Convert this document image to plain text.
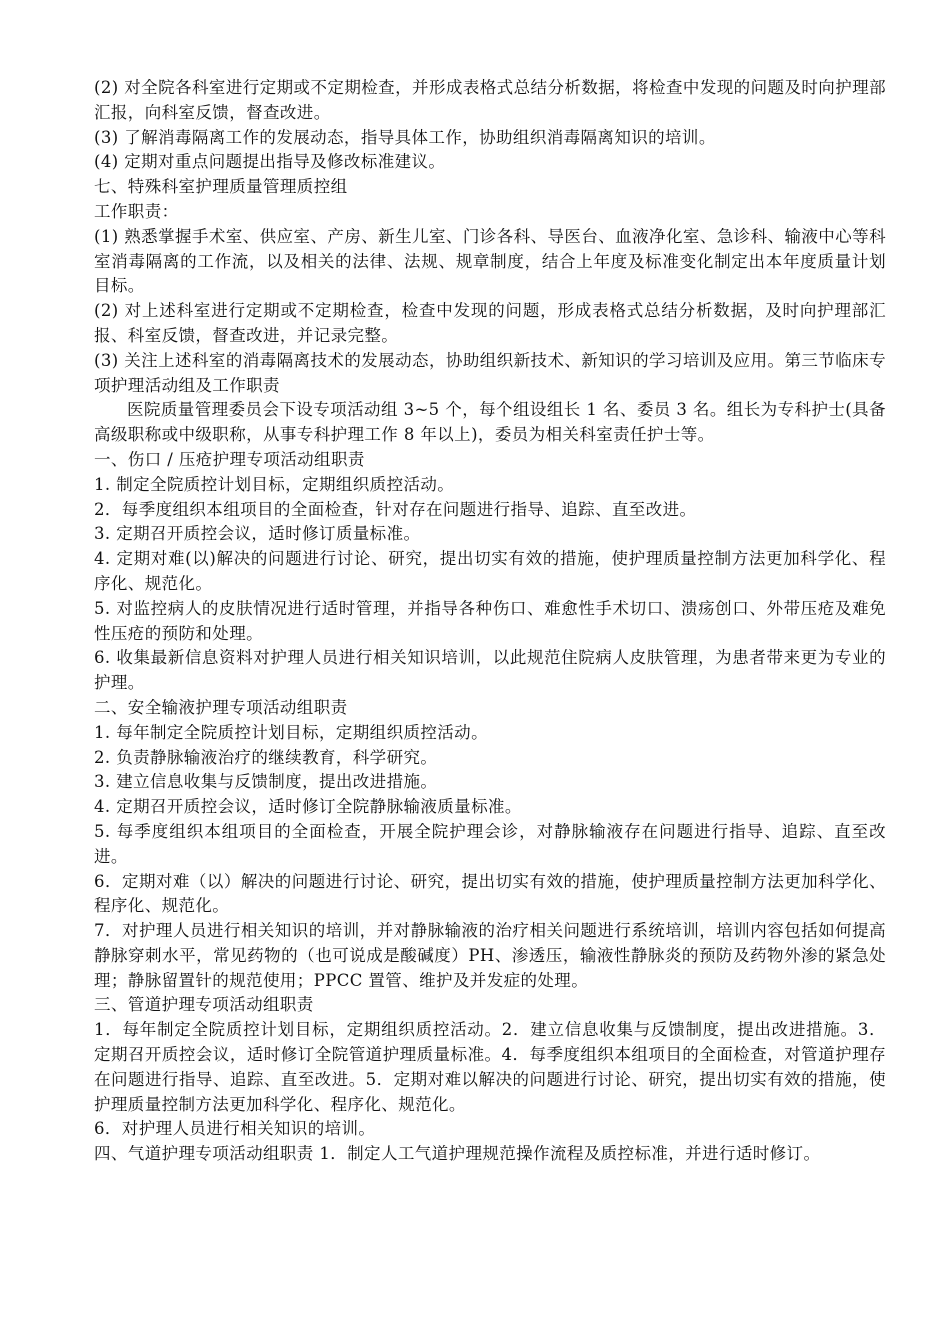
(2) 对全院各科室进行定期或不定期检查，并形成表格式总结分析数据，将检查中发现的问题及时向护理部汇报，向科室反馈，督查改进。

(3) 了解消毒隔离工作的发展动态，指导具体工作，协助组织消毒隔离知识的培训。

(4) 定期对重点问题提出指导及修改标准建议。

七、特殊科室护理质量管理质控组

工作职责：

(1) 熟悉掌握手术室、供应室、产房、新生儿室、门诊各科、导医台、血液净化室、急诊科、输液中心等科室消毒隔离的工作流，以及相关的法律、法规、规章制度，结合上年度及标准变化制定出本年度质量计划目标。

(2) 对上述科室进行定期或不定期检查，检查中发现的问题，形成表格式总结分析数据，及时向护理部汇报、科室反馈，督查改进，并记录完整。

(3) 关注上述科室的消毒隔离技术的发展动态，协助组织新技术、新知识的学习培训及应用。第三节临床专项护理活动组及工作职责

医院质量管理委员会下设专项活动组 3~5 个，每个组设组长 1 名、委员 3 名。组长为专科护士(具备高级职称或中级职称，从事专科护理工作 8 年以上)，委员为相关科室责任护士等。

一、伤口 / 压疮护理专项活动组职责

1. 制定全院质控计划目标，定期组织质控活动。

2．每季度组织本组项目的全面检查，针对存在问题进行指导、追踪、直至改进。

3. 定期召开质控会议，适时修订质量标准。

4. 定期对难(以)解决的问题进行讨论、研究，提出切实有效的措施，使护理质量控制方法更加科学化、程序化、规范化。

5. 对监控病人的皮肤情况进行适时管理，并指导各种伤口、难愈性手术切口、溃疡创口、外带压疮及难免性压疮的预防和处理。

6. 收集最新信息资料对护理人员进行相关知识培训，以此规范住院病人皮肤管理，为患者带来更为专业的护理。

二、安全输液护理专项活动组职责

1. 每年制定全院质控计划目标，定期组织质控活动。

2. 负责静脉输液治疗的继续教育，科学研究。

3. 建立信息收集与反馈制度，提出改进措施。

4. 定期召开质控会议，适时修订全院静脉输液质量标准。

5. 每季度组织本组项目的全面检查，开展全院护理会诊，对静脉输液存在问题进行指导、追踪、直至改进。

6．定期对难（以）解决的问题进行讨论、研究，提出切实有效的措施，使护理质量控制方法更加科学化、程序化、规范化。

7．对护理人员进行相关知识的培训，并对静脉输液的治疗相关问题进行系统培训，培训内容包括如何提高静脉穿刺水平，常见药物的（也可说成是酸碱度）PH、渗透压，输液性静脉炎的预防及药物外渗的紧急处理；静脉留置针的规范使用；PPCC 置管、维护及并发症的处理。

三、管道护理专项活动组职责

1．每年制定全院质控计划目标，定期组织质控活动。2．建立信息收集与反馈制度，提出改进措施。3．定期召开质控会议，适时修订全院管道护理质量标准。4．每季度组织本组项目的全面检查，对管道护理存在问题进行指导、追踪、直至改进。5．定期对难以解决的问题进行讨论、研究，提出切实有效的措施，使护理质量控制方法更加科学化、程序化、规范化。

6．对护理人员进行相关知识的培训。

四、气道护理专项活动组职责 1．制定人工气道护理规范操作流程及质控标准，并进行适时修订。
